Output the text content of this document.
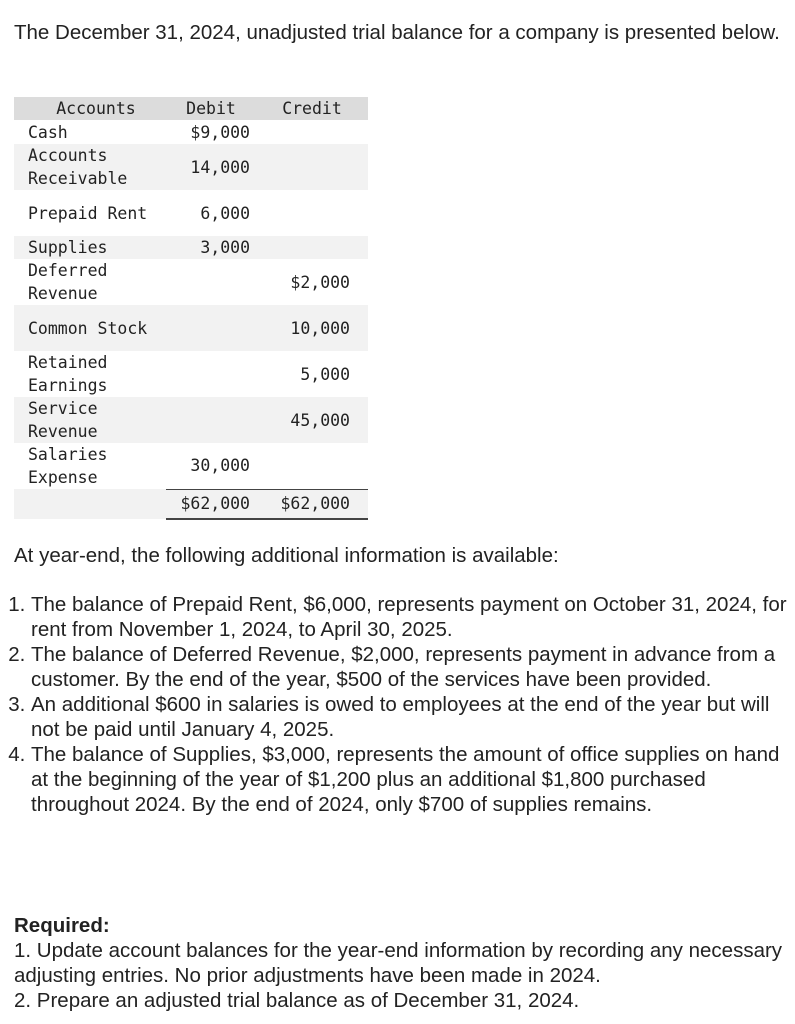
The December 31, 2024, unadjusted trial balance for a company is presented below.

Accounts	Debit	Credit
Cash	$9,000	
Accounts Receivable	14,000	
Prepaid Rent	6,000	
Supplies	3,000	
Deferred Revenue		$2,000
Common Stock		10,000
Retained Earnings		5,000
Service Revenue		45,000
Salaries Expense	30,000	
	$62,000	$62,000

At year-end, the following additional information is available:

1. The balance of Prepaid Rent, $6,000, represents payment on October 31, 2024, for rent from November 1, 2024, to April 30, 2025.
2. The balance of Deferred Revenue, $2,000, represents payment in advance from a customer. By the end of the year, $500 of the services have been provided.
3. An additional $600 in salaries is owed to employees at the end of the year but will not be paid until January 4, 2025.
4. The balance of Supplies, $3,000, represents the amount of office supplies on hand at the beginning of the year of $1,200 plus an additional $1,800 purchased throughout 2024. By the end of 2024, only $700 of supplies remains.

Required:

1. Update account balances for the year-end information by recording any necessary adjusting entries. No prior adjustments have been made in 2024.
2. Prepare an adjusted trial balance as of December 31, 2024.
